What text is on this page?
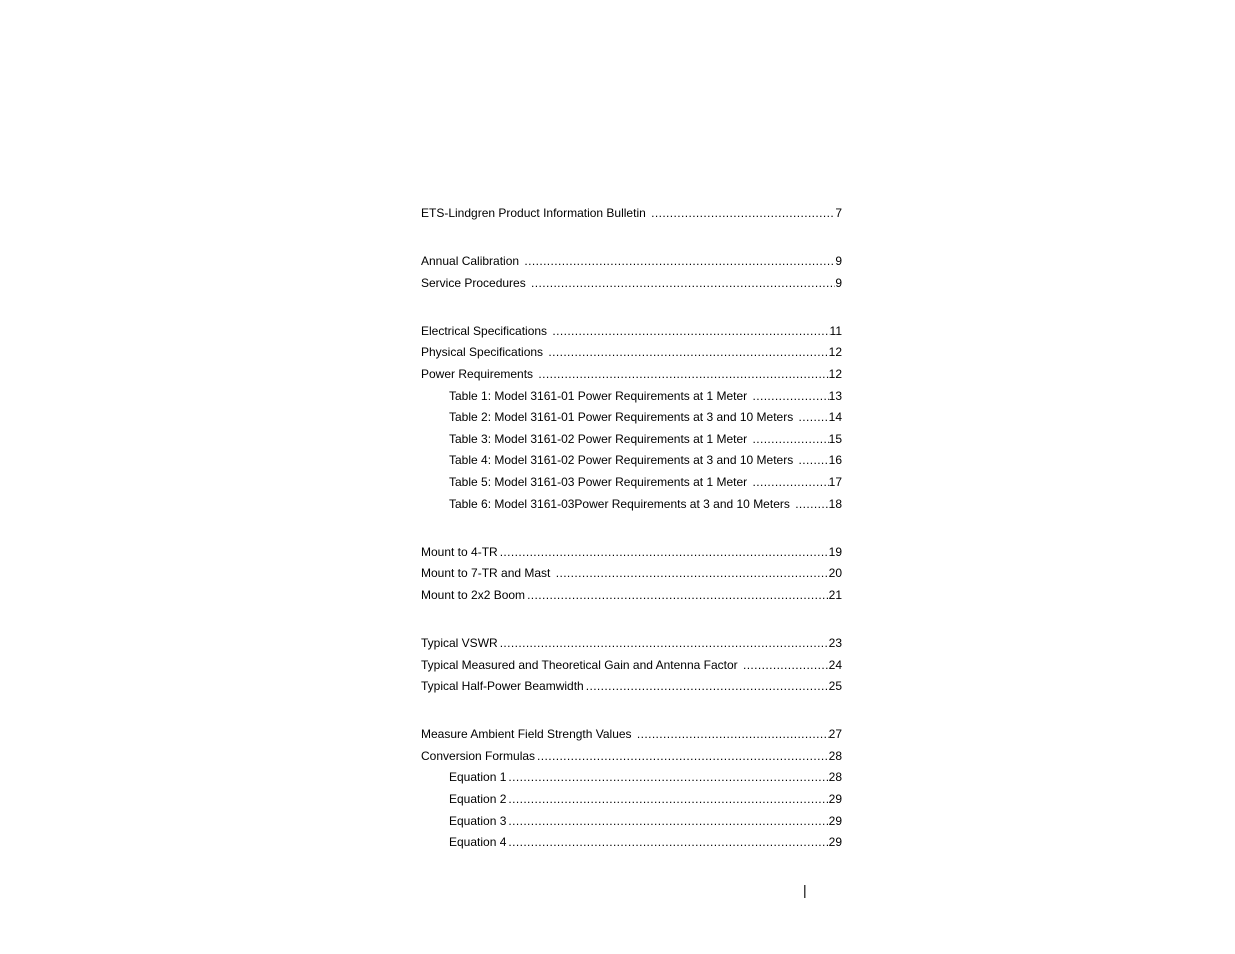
ETS-Lindgren Product Information Bulletin .....	7
Annual Calibration .....	9
Service Procedures .....	9
Electrical Specifications .....	11
Physical Specifications .....	12
Power Requirements .....	12
Table 1: Model 3161-01 Power Requirements at 1 Meter .....	13
Table 2: Model 3161-01 Power Requirements at 3 and 10 Meters .....	14
Table 3: Model 3161-02 Power Requirements at 1 Meter .....	15
Table 4: Model 3161-02 Power Requirements at 3 and 10 Meters .....	16
Table 5: Model 3161-03 Power Requirements at 1 Meter .....	17
Table 6: Model 3161-03Power Requirements at 3 and 10 Meters .....	18
Mount to 4-TR .....	19
Mount to 7-TR and Mast .....	20
Mount to 2x2 Boom .....	21
Typical VSWR .....	23
Typical Measured and Theoretical Gain and Antenna Factor .....	24
Typical Half-Power Beamwidth .....	25
Measure Ambient Field Strength Values .....	27
Conversion Formulas .....	28
Equation 1 .....	28
Equation 2 .....	29
Equation 3 .....	29
Equation 4 .....	29
|
